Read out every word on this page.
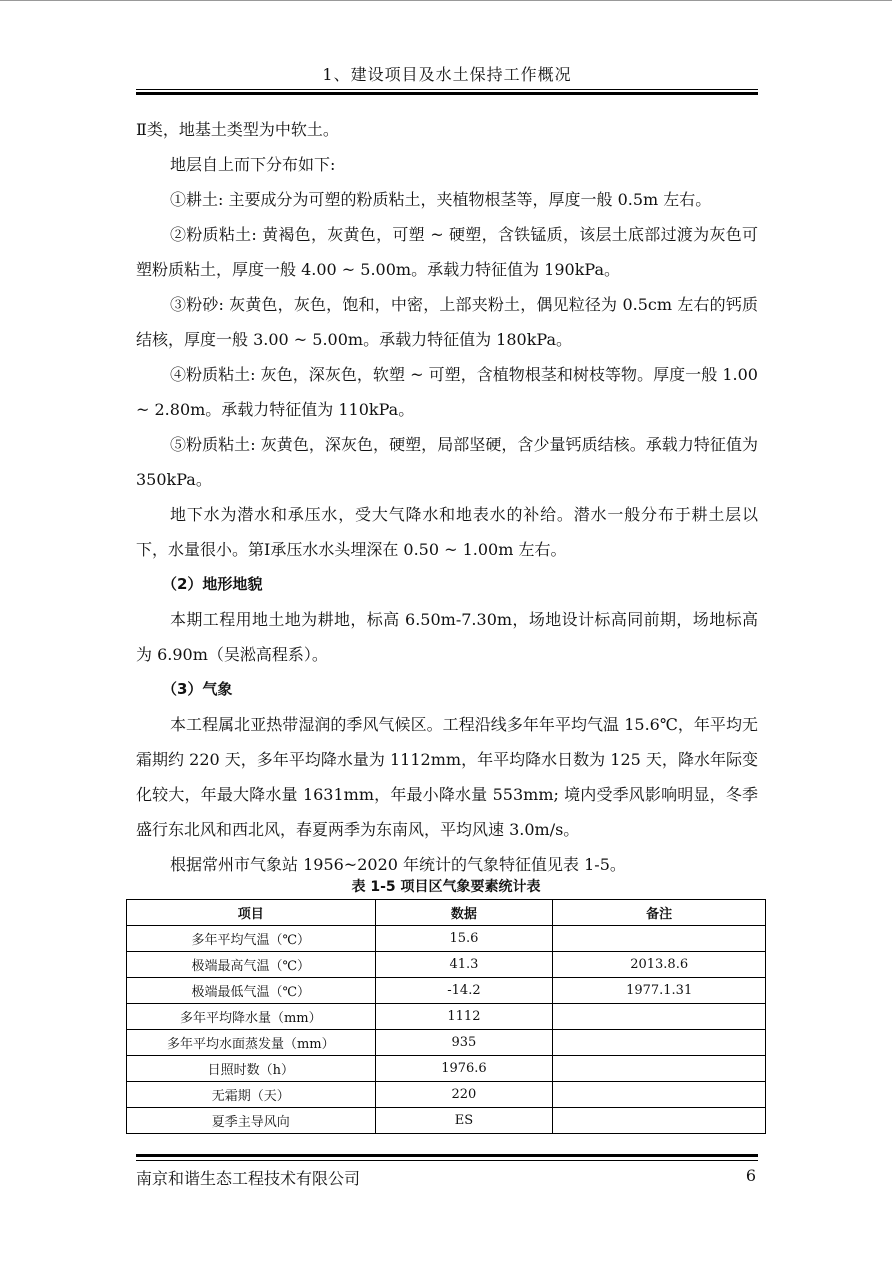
1、建设项目及水土保持工作概况

Ⅱ类，地基土类型为中软土。

地层自上而下分布如下:

①耕土: 主要成分为可塑的粉质粘土，夹植物根茎等，厚度一般 0.5m 左右。

②粉质粘土: 黄褐色，灰黄色，可塑 ~ 硬塑，含铁锰质，该层土底部过渡为灰色可塑粉质粘土，厚度一般 4.00 ~ 5.00m。承载力特征值为 190kPa。

③粉砂: 灰黄色，灰色，饱和，中密，上部夹粉土，偶见粒径为 0.5cm 左右的钙质结核，厚度一般 3.00 ~ 5.00m。承载力特征值为 180kPa。

④粉质粘土: 灰色，深灰色，软塑 ~ 可塑，含植物根茎和树枝等物。厚度一般 1.00 ~ 2.80m。承载力特征值为 110kPa。

⑤粉质粘土: 灰黄色，深灰色，硬塑，局部坚硬，含少量钙质结核。承载力特征值为 350kPa。

地下水为潜水和承压水，受大气降水和地表水的补给。潜水一般分布于耕土层以下，水量很小。第Ⅰ承压水水头埋深在 0.50 ~ 1.00m 左右。

（2）地形地貌

本期工程用地土地为耕地，标高 6.50m-7.30m，场地设计标高同前期，场地标高为 6.90m（吴淞高程系）。

（3）气象

本工程属北亚热带湿润的季风气候区。工程沿线多年年平均气温 15.6℃，年平均无霜期约 220 天，多年平均降水量为 1112mm，年平均降水日数为 125 天，降水年际变化较大，年最大降水量 1631mm，年最小降水量 553mm; 境内受季风影响明显，冬季盛行东北风和西北风，春夏两季为东南风，平均风速 3.0m/s。

根据常州市气象站 1956~2020 年统计的气象特征值见表 1-5。

表 1-5 项目区气象要素统计表
项目	数据	备注
多年平均气温（℃）	15.6	
极端最高气温（℃）	41.3	2013.8.6
极端最低气温（℃）	-14.2	1977.1.31
多年平均降水量（mm）	1112	
多年平均水面蒸发量（mm）	935	
日照时数（h）	1976.6	
无霜期（天）	220	
夏季主导风向	ES	
南京和谐生态工程技术有限公司	6
